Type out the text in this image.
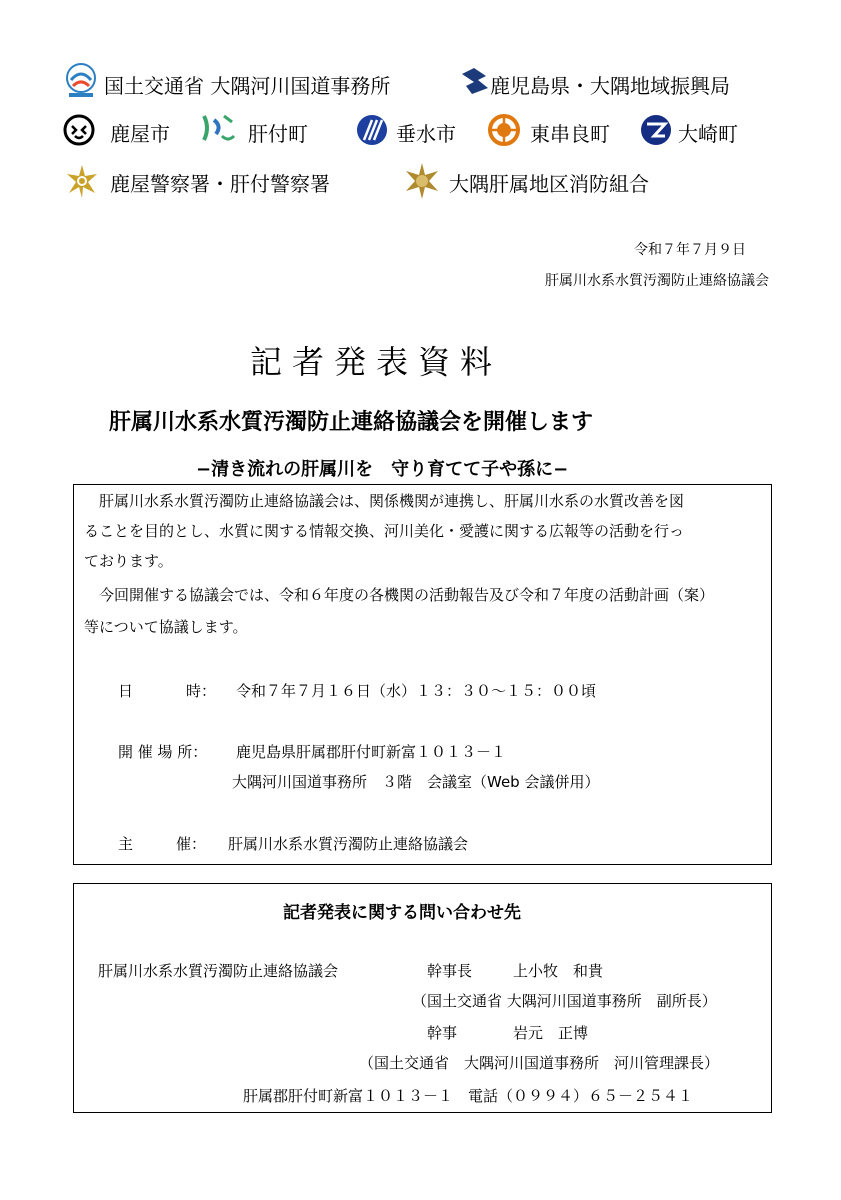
国土交通省 大隅河川国道事務所	鹿児島県・大隅地域振興局
鹿屋市	肝付町	垂水市	東串良町	大崎町
鹿屋警察署・肝付警察署	大隅肝属地区消防組合
令和７年７月９日
肝属川水系水質汚濁防止連絡協議会
記者発表資料
肝属川水系水質汚濁防止連絡協議会を開催します
−清き流れの肝属川を　守り育てて子や孫に−
肝属川水系水質汚濁防止連絡協議会は、関係機関が連携し、肝属川水系の水質改善を図
ることを目的とし、水質に関する情報交換、河川美化・愛護に関する広報等の活動を行っ
ております。
今回開催する協議会では、令和６年度の各機関の活動報告及び令和７年度の活動計画（案）
等について協議します。
日	時： 令和７年７月１６日（水）１３：３０～１５：００頃
開 催 場 所： 鹿児島県肝属郡肝付町新富１０１３－１
大隅河川国道事務所　３階　会議室（Web 会議併用）
主	催： 肝属川水系水質汚濁防止連絡協議会
記者発表に関する問い合わせ先
肝属川水系水質汚濁防止連絡協議会	幹事長	上小牧　和貴
（国土交通省 大隅河川国道事務所　副所長）
幹事	岩元　正博
（国土交通省　大隅河川国道事務所　河川管理課長）
肝属郡肝付町新富１０１３－１　電話（０９９４）６５－２５４１
